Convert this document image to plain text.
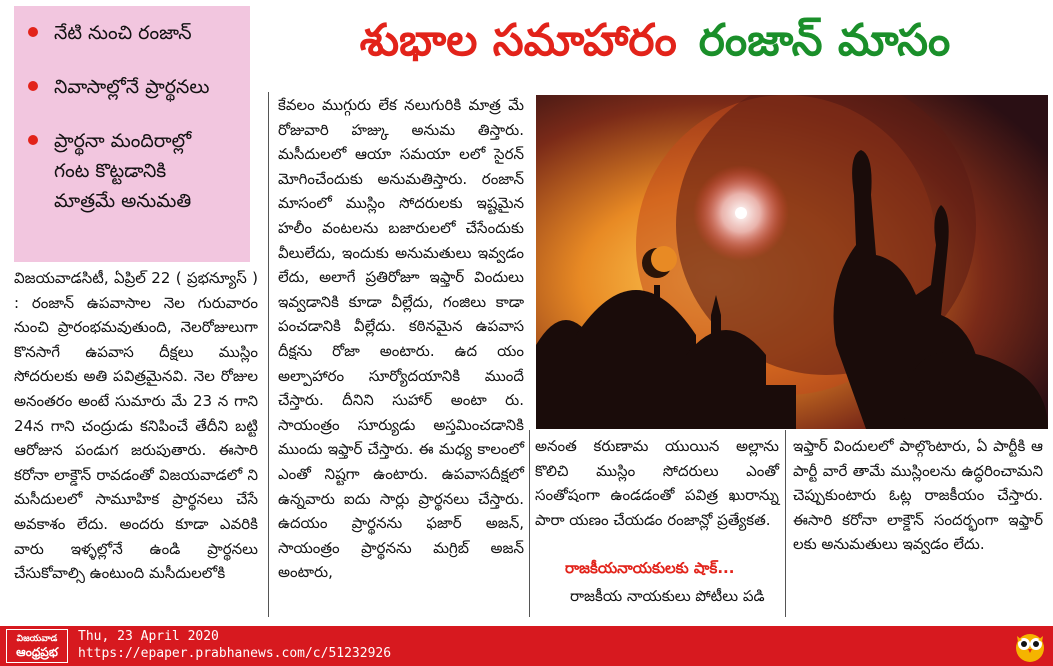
నేటి నుంచి రంజాన్
నివాసాల్లోనే ప్రార్థనలు
ప్రార్థనా మందిరాల్లో గంట కొట్టడానికి మాత్రమే అనుమతి
శుభాల సమాహారం రంజాన్ మాసం

విజయవాడసిటీ, ఏప్రిల్ 22 ( ప్రభన్యూస్ ) : రంజాన్ ఉపవాసాల నెల గురువారం నుంచి ప్రారంభమవుతుంది, నెలరోజులుగా కొనసాగే ఉపవాస దీక్షలు ముస్లిం సోదరులకు అతి పవిత్రమైనవి. నెల రోజుల అనంతరం అంటే సుమారు మే 23 న గాని 24న గాని చంద్రుడు కనిపించే తేదీని బట్టి ఆరోజున పండుగ జరుపుతారు. ఈసారి కరోనా లాక్డౌన్ రావడంతో విజయవాడలో ని మసీదులలో సామూహిక ప్రార్థనలు చేసే అవకాశం లేదు. అందరు కూడా ఎవరికి వారు ఇళ్ళల్లోనే ఉండి ప్రార్థనలు చేసుకోవాల్సి ఉంటుంది మసీదులలోకి

కేవలం ముగ్గురు లేక నలుగురికి మాత్ర మే రోజువారి హజ్కు అనుమ తిస్తారు. మసీదులలో ఆయా సమయా లలో సైరన్ మోగించేందుకు అనుమతిస్తారు. రంజాన్ మాసంలో ముస్లిం సోదరులకు ఇష్టమైన హలీం వంటలను బజారులలో చేసేందుకు వీలులేదు, ఇందుకు అనుమతులు ఇవ్వడం లేదు, అలాగే ప్రతిరోజూ ఇఫ్తార్ విందులు ఇవ్వడానికి కూడా వీల్లేదు, గంజిలు కాడా పంచడానికి వీల్లేదు. కఠినమైన ఉపవాస దీక్షను రోజా అంటారు. ఉద యం అల్పాహారం సూర్యోదయానికి ముందే చేస్తారు. దీనిని సుహార్ అంటా రు. సాయంత్రం సూర్యుడు అస్తమించడానికి ముందు ఇఫ్తార్ చేస్తారు. ఈ మధ్య కాలంలో ఎంతో నిష్టగా ఉంటారు. ఉపవాసదీక్షలో ఉన్నవారు ఐదు సార్లు ప్రార్థనలు చేస్తారు. ఉదయం ప్రార్థనను ఫజార్ అజన్, సాయంత్రం ప్రార్థనను మగ్రిబ్ అజన్ అంటారు,

అనంత కరుణామ యుయిన అల్లాను కొలిచి ముస్లిం సోదరులు ఎంతో సంతోషంగా ఉండడంతో పవిత్ర ఖురాన్ను పారా యణం చేయడం రంజాన్లో ప్రత్యేకత.

రాజకీయనాయకులకు షాక్...
రాజకీయ నాయకులు పోటీలు పడి

ఇఫ్తార్ విందులలో పాల్గొంటారు, ఏ పార్టీకి ఆ పార్టీ వారే తామే ముస్లింలను ఉద్ధరించామని చెప్పుకుంటారు ఓట్ల రాజకీయం చేస్తారు. ఈసారి కరోనా లాక్డౌన్ సందర్భంగా ఇఫ్తార్ లకు అనుమతులు ఇవ్వడం లేదు.

విజయవాడ
ఆంధ్రప్రభ
Thu, 23 April 2020
https://epaper.prabhanews.com/c/51232926
